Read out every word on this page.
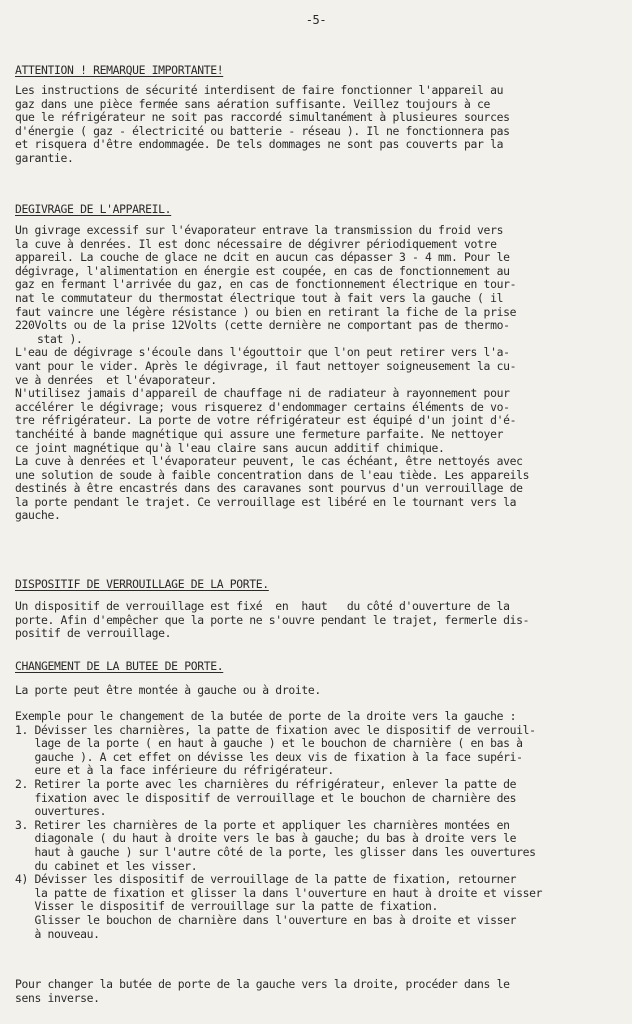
-5-
ATTENTION ! REMARQUE IMPORTANTE!
Les instructions de sécurité interdisent de faire fonctionner l'appareil au
gaz dans une pièce fermée sans aération suffisante. Veillez toujours à ce
que le réfrigérateur ne soit pas raccordé simultanément à plusieures sources
d'énergie ( gaz - électricité ou batterie - réseau ). Il ne fonctionnera pas
et risquera d'être endommagée. De tels dommages ne sont pas couverts par la
garantie.
DEGIVRAGE DE L'APPAREIL.
Un givrage excessif sur l'évaporateur entrave la transmission du froid vers
la cuve à denrées. Il est donc nécessaire de dégivrer périodiquement votre
appareil. La couche de glace ne dcit en aucun cas dépasser 3 - 4 mm. Pour le
dégivrage, l'alimentation en énergie est coupée, en cas de fonctionnement au
gaz en fermant l'arrivée du gaz, en cas de fonctionnement électrique en tour-
nat le commutateur du thermostat électrique tout à fait vers la gauche ( il
faut vaincre une légère résistance ) ou bien en retirant la fiche de la prise
220Volts ou de la prise 12Volts (cette dernière ne comportant pas de thermo-
stat ).
L'eau de dégivrage s'écoule dans l'égouttoir que l'on peut retirer vers l'a-
vant pour le vider. Après le dégivrage, il faut nettoyer soigneusement la cu-
ve à denrées  et l'évaporateur.
N'utilisez jamais d'appareil de chauffage ni de radiateur à rayonnement pour
accélérer le dégivrage; vous risquerez d'endommager certains éléments de vo-
tre réfrigérateur. La porte de votre réfrigérateur est équipé d'un joint d'é-
tanchéité à bande magnétique qui assure une fermeture parfaite. Ne nettoyer
ce joint magnétique qu'à l'eau claire sans aucun additif chimique.
La cuve à denrées et l'évaporateur peuvent, le cas échéant, être nettoyés avec
une solution de soude à faible concentration dans de l'eau tiède. Les appareils
destinés à être encastrés dans des caravanes sont pourvus d'un verrouillage de
la porte pendant le trajet. Ce verrouillage est libéré en le tournant vers la
gauche.
DISPOSITIF DE VERROUILLAGE DE LA PORTE.
Un dispositif de verrouillage est fixé  en  haut   du côté d'ouverture de la
porte. Afin d'empêcher que la porte ne s'ouvre pendant le trajet, fermerle dis-
positif de verrouillage.
CHANGEMENT DE LA BUTEE DE PORTE.
La porte peut être montée à gauche ou à droite.
Exemple pour le changement de la butée de porte de la droite vers la gauche :
1. Dévisser les charnières, la patte de fixation avec le dispositif de verrouil-
lage de la porte ( en haut à gauche ) et le bouchon de charnière ( en bas à
gauche ). A cet effet on dévisse les deux vis de fixation à la face supéri-
eure et à la face inférieure du réfrigérateur.
2. Retirer la porte avec les charnières du réfrigérateur, enlever la patte de
fixation avec le dispositif de verrouillage et le bouchon de charnière des
ouvertures.
3. Retirer les charnières de la porte et appliquer les charnières montées en
diagonale ( du haut à droite vers le bas à gauche; du bas à droite vers le
haut à gauche ) sur l'autre côté de la porte, les glisser dans les ouvertures
du cabinet et les visser.
4) Dévisser les dispositif de verrouillage de la patte de fixation, retourner
la patte de fixation et glisser la dans l'ouverture en haut à droite et visser
Visser le dispositif de verrouillage sur la patte de fixation.
Glisser le bouchon de charnière dans l'ouverture en bas à droite et visser
à nouveau.
Pour changer la butée de porte de la gauche vers la droite, procéder dans le
sens inverse.
